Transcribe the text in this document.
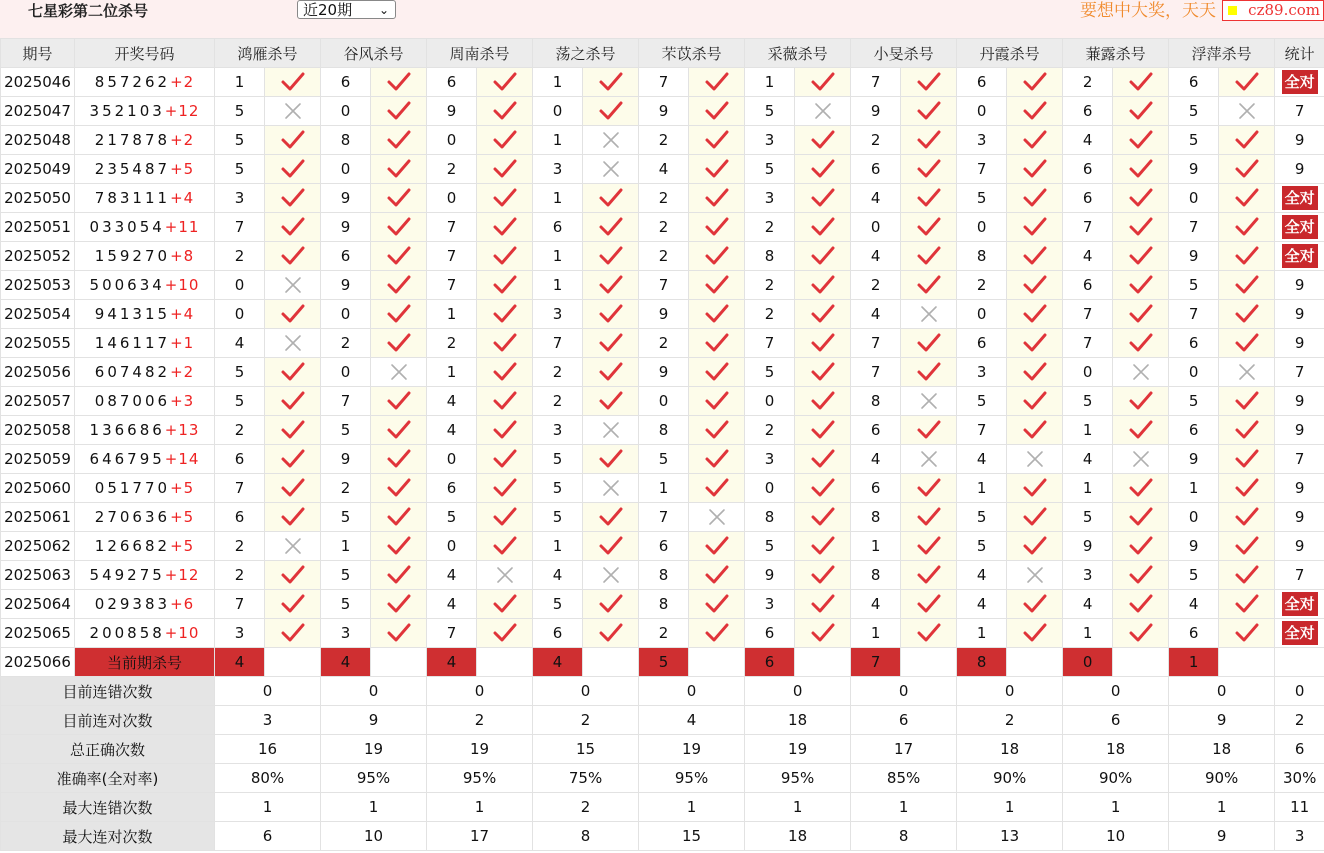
七星彩第二位杀号	近20期 ⌄	要想中大奖，天天	cz89.com
期号	开奖号码	鸿雁杀号		谷风杀号		周南杀号		荡之杀号		芣苡杀号		采薇杀号		小旻杀号		丹霞杀号		蒹露杀号		浮萍杀号		统计
2025046	857262+2	1		6		6		1		7		1		7		6		2		6		全对
2025047	352103+12	5		0		9		0		9		5		9		0		6		5		7
2025048	217878+2	5		8		0		1		2		3		2		3		4		5		9
2025049	235487+5	5		0		2		3		4		5		6		7		6		9		9
2025050	783111+4	3		9		0		1		2		3		4		5		6		0		全对
2025051	033054+11	7		9		7		6		2		2		0		0		7		7		全对
2025052	159270+8	2		6		7		1		2		8		4		8		4		9		全对
2025053	500634+10	0		9		7		1		7		2		2		2		6		5		9
2025054	941315+4	0		0		1		3		9		2		4		0		7		7		9
2025055	146117+1	4		2		2		7		2		7		7		6		7		6		9
2025056	607482+2	5		0		1		2		9		5		7		3		0		0		7
2025057	087006+3	5		7		4		2		0		0		8		5		5		5		9
2025058	136686+13	2		5		4		3		8		2		6		7		1		6		9
2025059	646795+14	6		9		0		5		5		3		4		4		4		9		7
2025060	051770+5	7		2		6		5		1		0		6		1		1		1		9
2025061	270636+5	6		5		5		5		7		8		8		5		5		0		9
2025062	126682+5	2		1		0		1		6		5		1		5		9		9		9
2025063	549275+12	2		5		4		4		8		9		8		4		3		5		7
2025064	029383+6	7		5		4		5		8		3		4		4		4		4		全对
2025065	200858+10	3		3		7		6		2		6		1		1		1		6		全对
2025066	当前期杀号	4		4		4		4		5		6		7		8		0		1		
目前连错次数		0		0		0		0		0		0		0		0		0		0		0
目前连对次数		3		9		2		2		4		18		6		2		6		9		2
总正确次数		16		19		19		15		19		19		17		18		18		18		6
准确率(全对率)		80%		95%		95%		75%		95%		95%		85%		90%		90%		90%		30%
最大连错次数		1		1		1		2		1		1		1		1		1		1		11
最大连对次数		6		10		17		8		15		18		8		13		10		9		3
